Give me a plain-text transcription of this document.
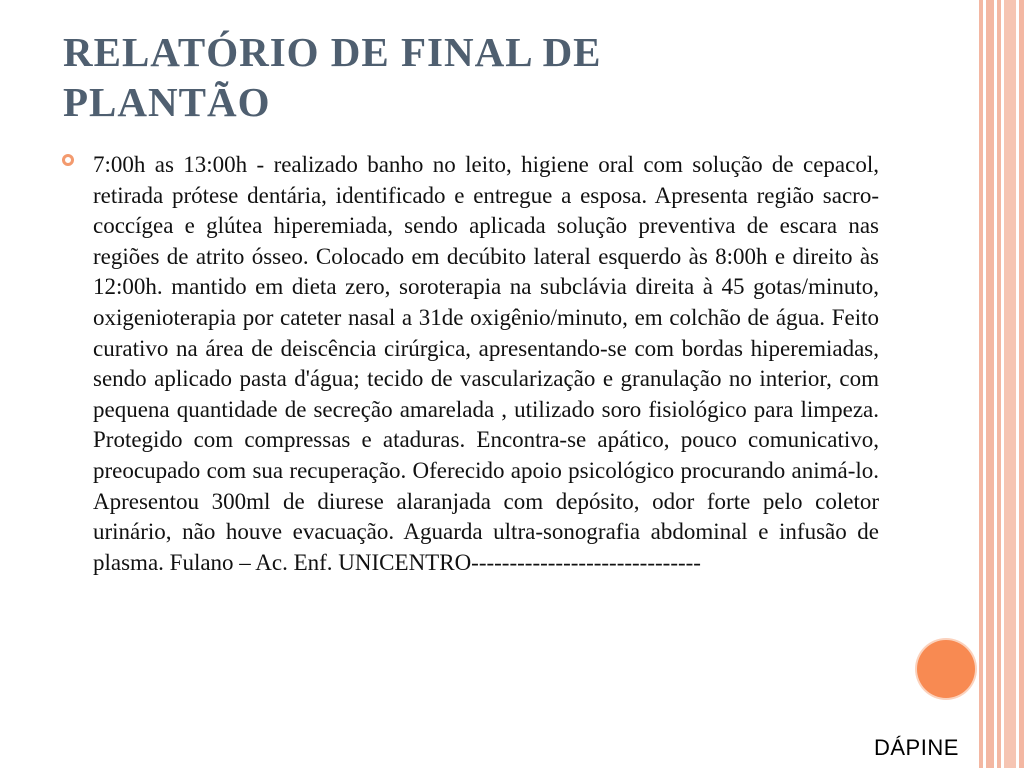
RELATÓRIO DE FINAL DE
PLANTÃO

7:00h as 13:00h - realizado banho no leito, higiene oral com solução de cepacol, retirada prótese dentária, identificado e entregue a esposa. Apresenta região sacro-coccígea e glútea hiperemiada, sendo aplicada solução preventiva de escara nas regiões de atrito ósseo. Colocado em decúbito lateral esquerdo às 8:00h e direito às 12:00h. mantido em dieta zero, soroterapia na subclávia direita à 45 gotas/minuto, oxigenioterapia por cateter nasal a 31de oxigênio/minuto, em colchão de água. Feito curativo na área de deiscência cirúrgica, apresentando-se com bordas hiperemiadas, sendo aplicado pasta d'água; tecido de vascularização e granulação no interior, com pequena quantidade de secreção amarelada , utilizado soro fisiológico para limpeza. Protegido com compressas e ataduras. Encontra-se apático, pouco comunicativo, preocupado com sua recuperação. Oferecido apoio psicológico procurando animá-lo. Apresentou 300ml de diurese alaranjada com depósito, odor forte pelo coletor urinário, não houve evacuação. Aguarda ultra-sonografia abdominal e infusão de plasma. Fulano – Ac. Enf. UNICENTRO------------------------------

DÁPINE
